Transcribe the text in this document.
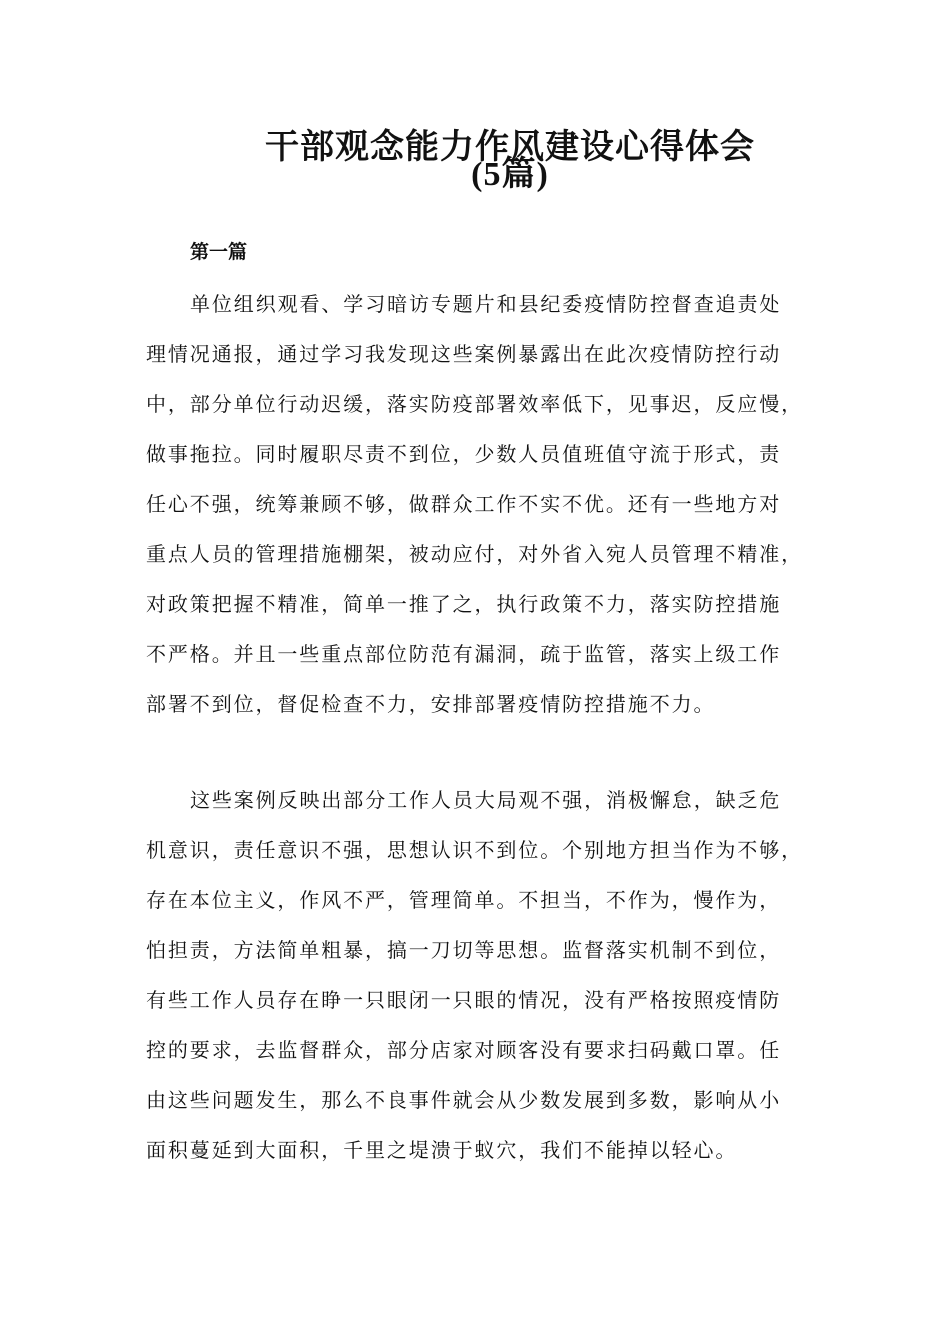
干部观念能力作风建设心得体会
(5篇)
第一篇
单位组织观看、学习暗访专题片和县纪委疫情防控督查追责处
理情况通报，通过学习我发现这些案例暴露出在此次疫情防控行动
中，部分单位行动迟缓，落实防疫部署效率低下，见事迟，反应慢，
做事拖拉。同时履职尽责不到位，少数人员值班值守流于形式，责
任心不强，统筹兼顾不够，做群众工作不实不优。还有一些地方对
重点人员的管理措施棚架，被动应付，对外省入宛人员管理不精准，
对政策把握不精准，简单一推了之，执行政策不力，落实防控措施
不严格。并且一些重点部位防范有漏洞，疏于监管，落实上级工作
部署不到位，督促检查不力，安排部署疫情防控措施不力。
这些案例反映出部分工作人员大局观不强，消极懈怠，缺乏危
机意识，责任意识不强，思想认识不到位。个别地方担当作为不够，
存在本位主义，作风不严，管理简单。不担当，不作为，慢作为，
怕担责，方法简单粗暴，搞一刀切等思想。监督落实机制不到位，
有些工作人员存在睁一只眼闭一只眼的情况，没有严格按照疫情防
控的要求，去监督群众，部分店家对顾客没有要求扫码戴口罩。任
由这些问题发生，那么不良事件就会从少数发展到多数，影响从小
面积蔓延到大面积，千里之堤溃于蚁穴，我们不能掉以轻心。
